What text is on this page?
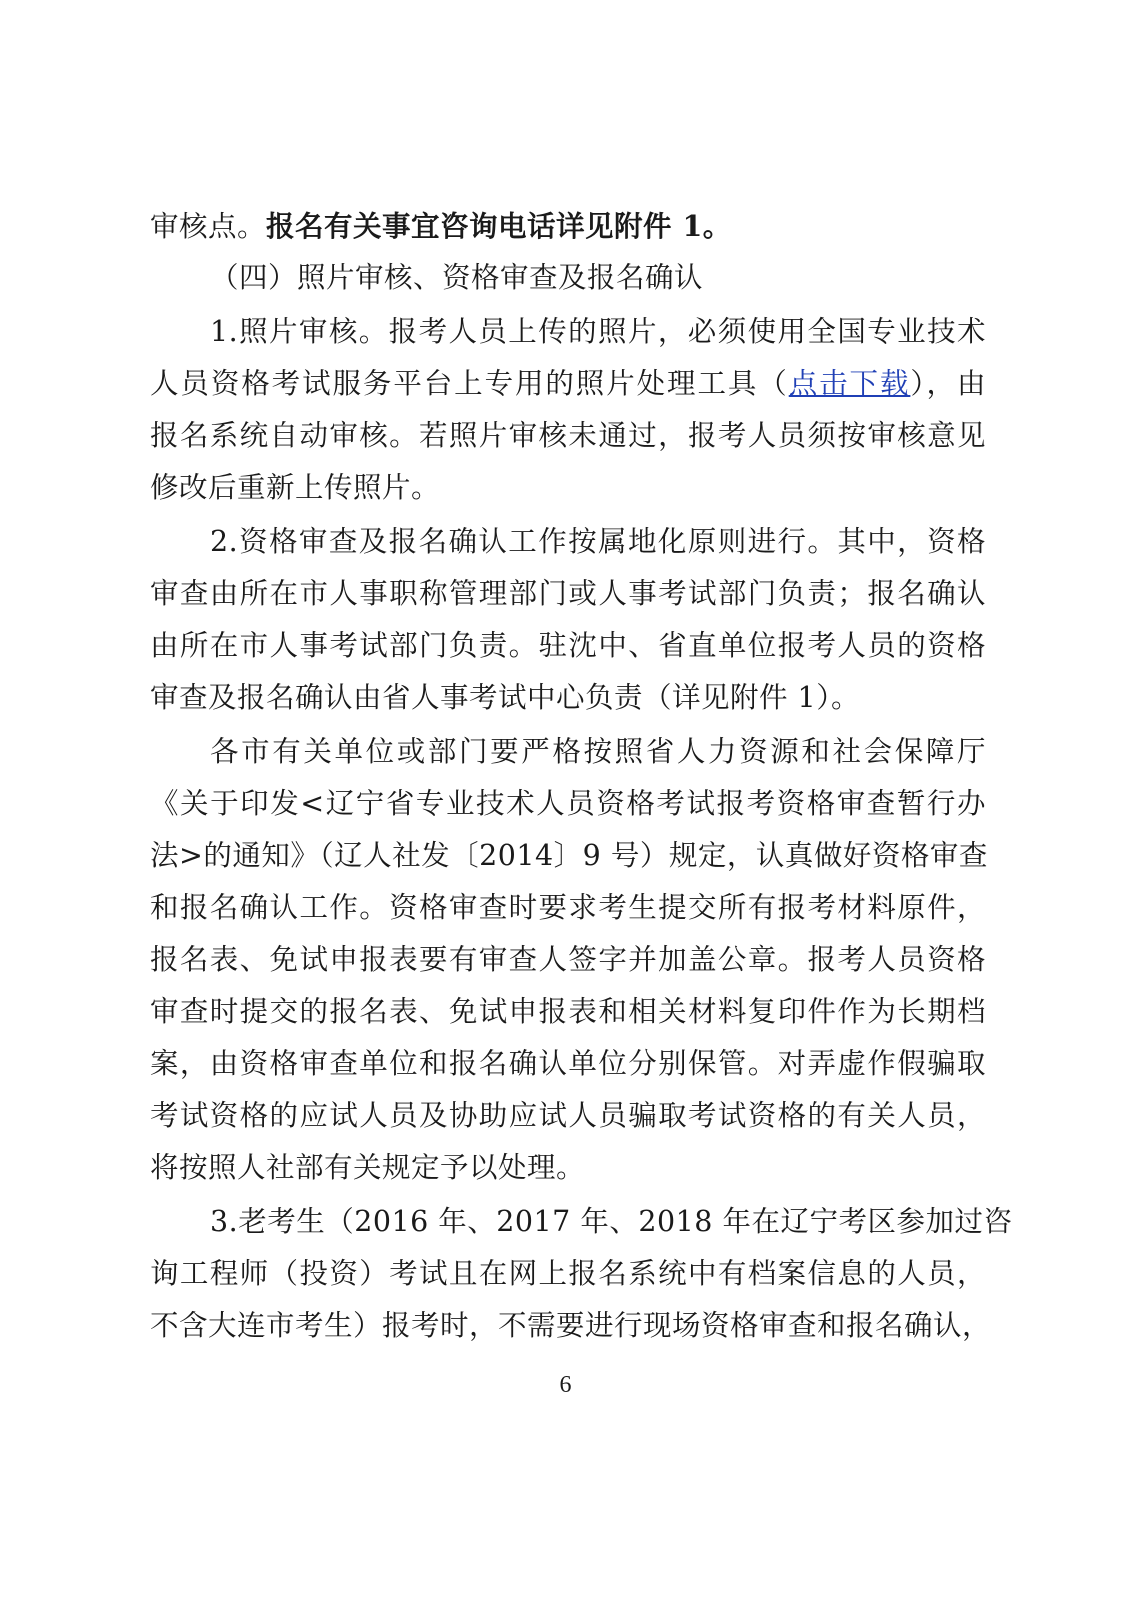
审核点。报名有关事宜咨询电话详见附件 1。
（四）照片审核、资格审查及报名确认
1.照片审核。报考人员上传的照片，必须使用全国专业技术
人员资格考试服务平台上专用的照片处理工具（点击下载），由
报名系统自动审核。若照片审核未通过，报考人员须按审核意见
修改后重新上传照片。
2.资格审查及报名确认工作按属地化原则进行。其中，资格
审查由所在市人事职称管理部门或人事考试部门负责；报名确认
由所在市人事考试部门负责。驻沈中、省直单位报考人员的资格
审查及报名确认由省人事考试中心负责（详见附件 1）。
各市有关单位或部门要严格按照省人力资源和社会保障厅
《关于印发<辽宁省专业技术人员资格考试报考资格审查暂行办
法>的通知》（辽人社发〔2014〕9 号）规定，认真做好资格审查
和报名确认工作。资格审查时要求考生提交所有报考材料原件，
报名表、免试申报表要有审查人签字并加盖公章。报考人员资格
审查时提交的报名表、免试申报表和相关材料复印件作为长期档
案，由资格审查单位和报名确认单位分别保管。对弄虚作假骗取
考试资格的应试人员及协助应试人员骗取考试资格的有关人员，
将按照人社部有关规定予以处理。
3.老考生（2016 年、2017 年、2018 年在辽宁考区参加过咨
询工程师（投资）考试且在网上报名系统中有档案信息的人员，
不含大连市考生）报考时，不需要进行现场资格审查和报名确认，
6
